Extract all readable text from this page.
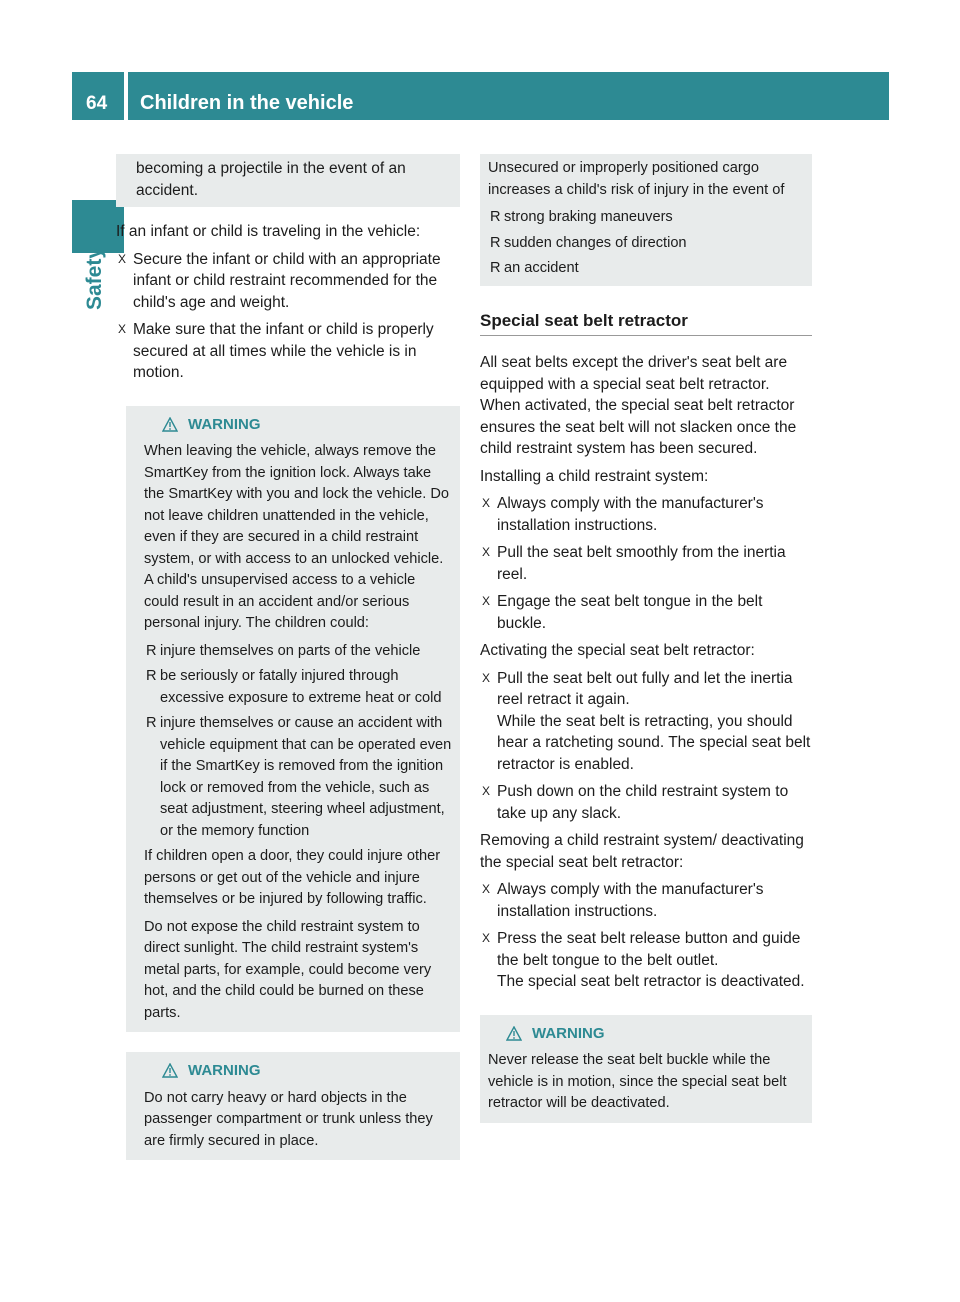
64	Children in the vehicle
Safety

becoming a projectile in the event of an accident.

If an infant or child is traveling in the vehicle:

X Secure the infant or child with an appropriate infant or child restraint recommended for the child's age and weight.
X Make sure that the infant or child is properly secured at all times while the vehicle is in motion.
WARNING

When leaving the vehicle, always remove the SmartKey from the ignition lock. Always take the SmartKey with you and lock the vehicle. Do not leave children unattended in the vehicle, even if they are secured in a child restraint system, or with access to an unlocked vehicle. A child's unsupervised access to a vehicle could result in an accident and/or serious personal injury. The children could:

R injure themselves on parts of the vehicle
R be seriously or fatally injured through excessive exposure to extreme heat or cold
R injure themselves or cause an accident with vehicle equipment that can be operated even if the SmartKey is removed from the ignition lock or removed from the vehicle, such as seat adjustment, steering wheel adjustment, or the memory function

If children open a door, they could injure other persons or get out of the vehicle and injure themselves or be injured by following traffic.

Do not expose the child restraint system to direct sunlight. The child restraint system's metal parts, for example, could become very hot, and the child could be burned on these parts.

WARNING

Do not carry heavy or hard objects in the passenger compartment or trunk unless they are firmly secured in place.

Unsecured or improperly positioned cargo increases a child's risk of injury in the event of

R strong braking maneuvers
R sudden changes of direction
R an accident
Special seat belt retractor

All seat belts except the driver's seat belt are equipped with a special seat belt retractor. When activated, the special seat belt retractor ensures the seat belt will not slacken once the child restraint system has been secured.

Installing a child restraint system:

X Always comply with the manufacturer's installation instructions.
X Pull the seat belt smoothly from the inertia reel.
X Engage the seat belt tongue in the belt buckle.

Activating the special seat belt retractor:

X Pull the seat belt out fully and let the inertia reel retract it again.
While the seat belt is retracting, you should hear a ratcheting sound. The special seat belt retractor is enabled.
X Push down on the child restraint system to take up any slack.

Removing a child restraint system/ deactivating the special seat belt retractor:

X Always comply with the manufacturer's installation instructions.
X Press the seat belt release button and guide the belt tongue to the belt outlet.
The special seat belt retractor is deactivated.
WARNING

Never release the seat belt buckle while the vehicle is in motion, since the special seat belt retractor will be deactivated.
